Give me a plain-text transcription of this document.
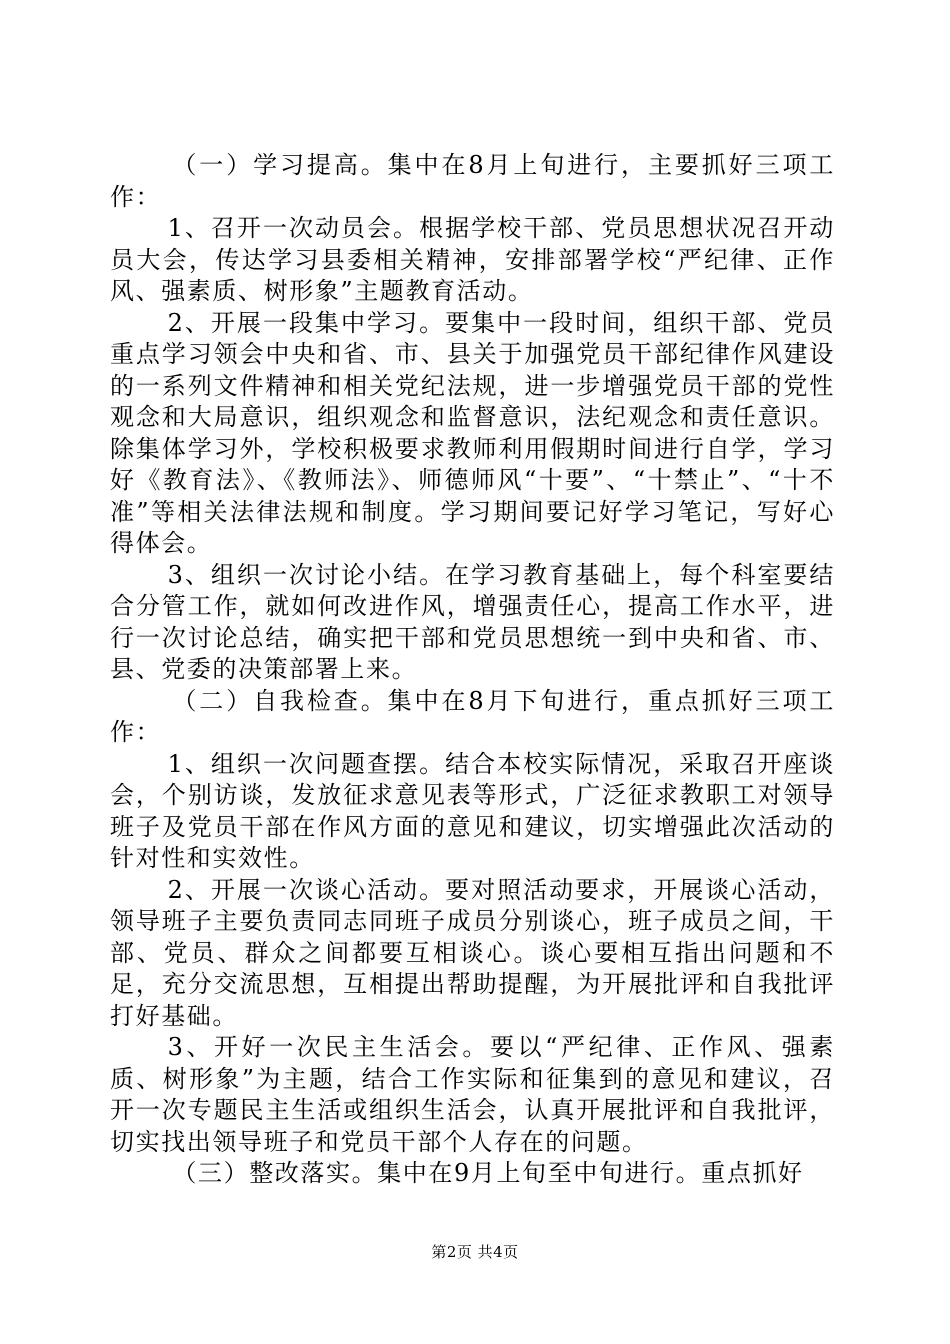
（一）学习提高。集中在8月上旬进行，主要抓好三项工作：

1、召开一次动员会。根据学校干部、党员思想状况召开动员大会，传达学习县委相关精神，安排部署学校“严纪律、正作风、强素质、树形象”主题教育活动。

2、开展一段集中学习。要集中一段时间，组织干部、党员重点学习领会中央和省、市、县关于加强党员干部纪律作风建设的一系列文件精神和相关党纪法规，进一步增强党员干部的党性观念和大局意识，组织观念和监督意识，法纪观念和责任意识。除集体学习外，学校积极要求教师利用假期时间进行自学，学习好《教育法》、《教师法》、师德师风“十要”、“十禁止”、“十不准”等相关法律法规和制度。学习期间要记好学习笔记，写好心得体会。

3、组织一次讨论小结。在学习教育基础上，每个科室要结合分管工作，就如何改进作风，增强责任心，提高工作水平，进行一次讨论总结，确实把干部和党员思想统一到中央和省、市、县、党委的决策部署上来。

（二）自我检查。集中在8月下旬进行，重点抓好三项工作：

1、组织一次问题查摆。结合本校实际情况，采取召开座谈会，个别访谈，发放征求意见表等形式，广泛征求教职工对领导班子及党员干部在作风方面的意见和建议，切实增强此次活动的针对性和实效性。

2、开展一次谈心活动。要对照活动要求，开展谈心活动，领导班子主要负责同志同班子成员分别谈心，班子成员之间，干部、党员、群众之间都要互相谈心。谈心要相互指出问题和不足，充分交流思想，互相提出帮助提醒，为开展批评和自我批评打好基础。

3、开好一次民主生活会。要以“严纪律、正作风、强素质、树形象”为主题，结合工作实际和征集到的意见和建议，召开一次专题民主生活或组织生活会，认真开展批评和自我批评，切实找出领导班子和党员干部个人存在的问题。

（三）整改落实。集中在9月上旬至中旬进行。重点抓好

第2页 共4页
